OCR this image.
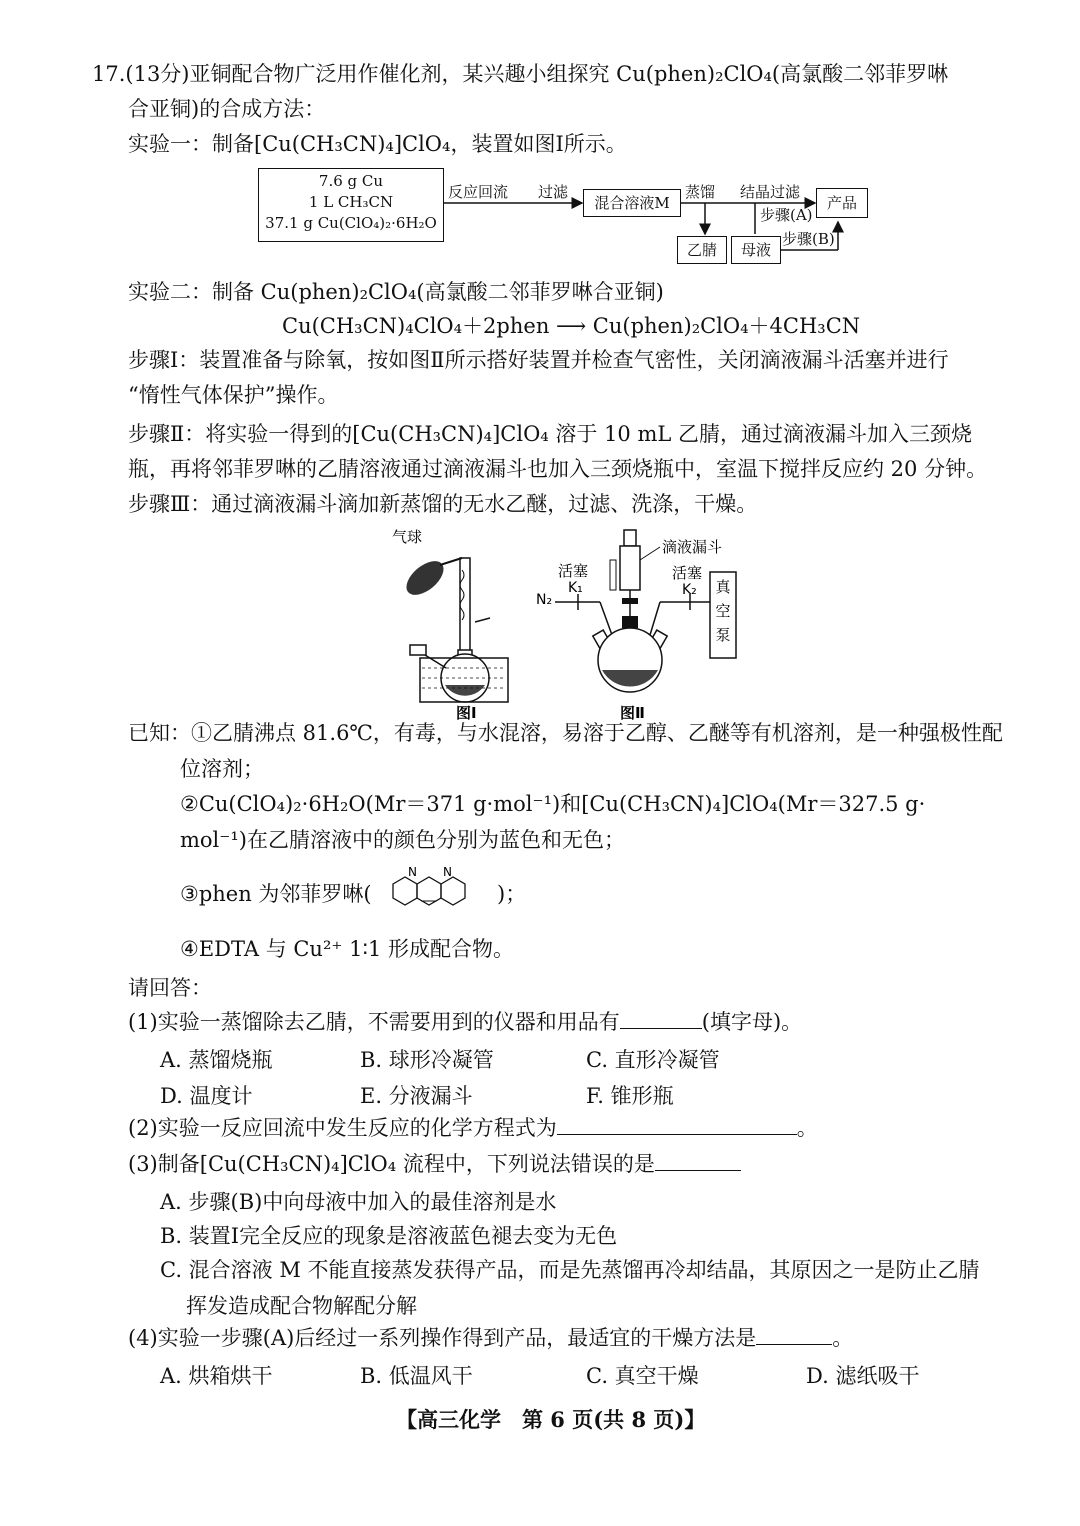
17.(13分)亚铜配合物广泛用作催化剂，某兴趣小组探究 Cu(phen)₂ClO₄(高氯酸二邻菲罗啉
合亚铜)的合成方法：
实验一：制备[Cu(CH₃CN)₄]ClO₄，装置如图Ⅰ所示。
7.6 g Cu
1 L CH₃CN
37.1 g Cu(ClO₄)₂·6H₂O
反应回流 过滤
混合溶液M
蒸馏 结晶过滤
步骤(A)
产品
乙腈	母液
步骤(B)
实验二：制备 Cu(phen)₂ClO₄(高氯酸二邻菲罗啉合亚铜)
Cu(CH₃CN)₄ClO₄＋2phen ⟶ Cu(phen)₂ClO₄＋4CH₃CN
步骤Ⅰ：装置准备与除氧，按如图Ⅱ所示搭好装置并检查气密性，关闭滴液漏斗活塞并进行
“惰性气体保护”操作。
步骤Ⅱ：将实验一得到的[Cu(CH₃CN)₄]ClO₄ 溶于 10 mL 乙腈，通过滴液漏斗加入三颈烧
瓶，再将邻菲罗啉的乙腈溶液通过滴液漏斗也加入三颈烧瓶中，室温下搅拌反应约 20 分钟。
步骤Ⅲ：通过滴液漏斗滴加新蒸馏的无水乙醚，过滤、洗涤，干燥。
气球
图Ⅰ
滴液漏斗
活塞
K₁
活塞
K₂
N₂
真
空
泵
真空泵
图Ⅱ
已知：①乙腈沸点 81.6℃，有毒，与水混溶，易溶于乙醇、乙醚等有机溶剂，是一种强极性配
位溶剂；
②Cu(ClO₄)₂·6H₂O(Mr＝371 g·mol⁻¹)和[Cu(CH₃CN)₄]ClO₄(Mr＝327.5 g·
mol⁻¹)在乙腈溶液中的颜色分别为蓝色和无色；
③phen 为邻菲罗啉(	)；
N N
④EDTA 与 Cu²⁺ 1∶1 形成配合物。
请回答：
(1)实验一蒸馏除去乙腈，不需要用到的仪器和用品有	(填字母)。
A. 蒸馏烧瓶	B. 球形冷凝管	C. 直形冷凝管
D. 温度计	E. 分液漏斗	F. 锥形瓶
(2)实验一反应回流中发生反应的化学方程式为	。
(3)制备[Cu(CH₃CN)₄]ClO₄ 流程中，下列说法错误的是
A. 步骤(B)中向母液中加入的最佳溶剂是水
B. 装置Ⅰ完全反应的现象是溶液蓝色褪去变为无色
C. 混合溶液 M 不能直接蒸发获得产品，而是先蒸馏再冷却结晶，其原因之一是防止乙腈
挥发造成配合物解配分解
(4)实验一步骤(A)后经过一系列操作得到产品，最适宜的干燥方法是	。
A. 烘箱烘干	B. 低温风干	C. 真空干燥	D. 滤纸吸干
【高三化学　第 6 页(共 8 页)】
